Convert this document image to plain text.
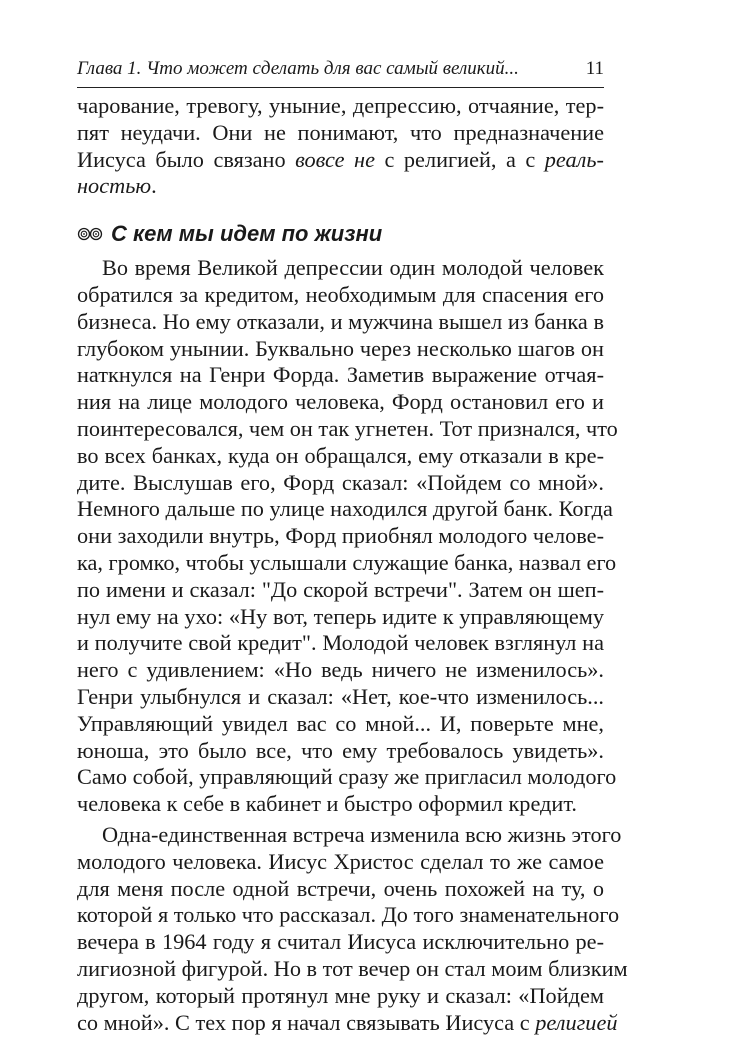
Глава 1. Что может сделать для вас самый великий...	11
чарование, тревогу, уныние, депрессию, отчаяние, тер-
пят неудачи. Они не понимают, что предназначение
Иисуса было связано вовсе не с религией, а с реаль-
ностью.
С кем мы идем по жизни
Во время Великой депрессии один молодой человек
обратился за кредитом, необходимым для спасения его
бизнеса. Но ему отказали, и мужчина вышел из банка в
глубоком унынии. Буквально через несколько шагов он
наткнулся на Генри Форда. Заметив выражение отчая-
ния на лице молодого человека, Форд остановил его и
поинтересовался, чем он так угнетен. Тот признался, что
во всех банках, куда он обращался, ему отказали в кре-
дите. Выслушав его, Форд сказал: «Пойдем со мной».
Немного дальше по улице находился другой банк. Когда
они заходили внутрь, Форд приобнял молодого челове-
ка, громко, чтобы услышали служащие банка, назвал его
по имени и сказал: "До скорой встречи". Затем он шеп-
нул ему на ухо: «Ну вот, теперь идите к управляющему
и получите свой кредит". Молодой человек взглянул на
него с удивлением: «Но ведь ничего не изменилось».
Генри улыбнулся и сказал: «Нет, кое-что изменилось...
Управляющий увидел вас со мной... И, поверьте мне,
юноша, это было все, что ему требовалось увидеть».
Само собой, управляющий сразу же пригласил молодого
человека к себе в кабинет и быстро оформил кредит.
Одна-единственная встреча изменила всю жизнь этого
молодого человека. Иисус Христос сделал то же самое
для меня после одной встречи, очень похожей на ту, о
которой я только что рассказал. До того знаменательного
вечера в 1964 году я считал Иисуса исключительно ре-
лигиозной фигурой. Но в тот вечер он стал моим близким
другом, который протянул мне руку и сказал: «Пойдем
со мной». С тех пор я начал связывать Иисуса с религией
